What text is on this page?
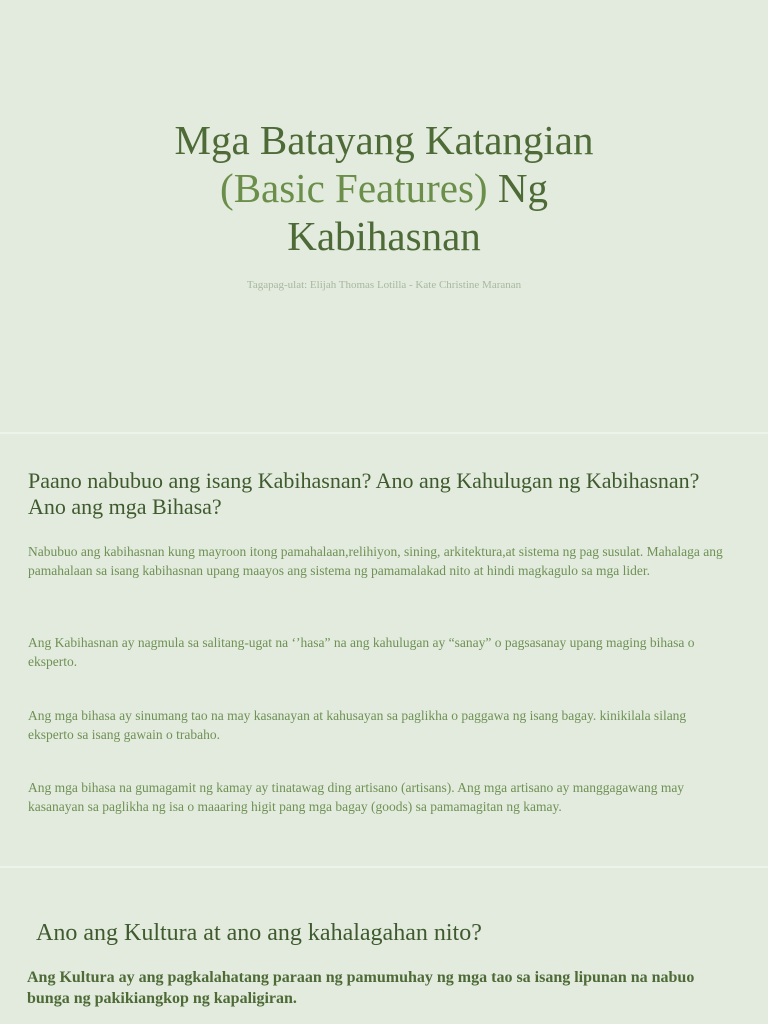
Mga Batayang Katangian
(Basic Features) Ng
Kabihasnan
Tagapag-ulat: Elijah Thomas Lotilla - Kate Christine Maranan
Paano nabubuo ang isang Kabihasnan? Ano ang Kahulugan ng Kabihasnan? Ano ang mga Bihasa?

Nabubuo ang kabihasnan kung mayroon itong pamahalaan,relihiyon, sining, arkitektura,at sistema ng pag susulat. Mahalaga ang pamahalaan sa isang kabihasnan upang maayos ang sistema ng pamamalakad nito at hindi magkagulo sa mga lider.

Ang Kabihasnan ay nagmula sa salitang-ugat na ‘’hasa” na ang kahulugan ay “sanay” o pagsasanay upang maging bihasa o eksperto.

Ang mga bihasa ay sinumang tao na may kasanayan at kahusayan sa paglikha o paggawa ng isang bagay. kinikilala silang eksperto sa isang gawain o trabaho.

Ang mga bihasa na gumagamit ng kamay ay tinatawag ding artisano (artisans). Ang mga artisano ay manggagawang may kasanayan sa paglikha ng isa o maaaring higit pang mga bagay (goods) sa pamamagitan ng kamay.

Ano ang Kultura at ano ang kahalagahan nito?

Ang Kultura ay ang pagkalahatang paraan ng pamumuhay ng mga tao sa isang lipunan na nabuo bunga ng pakikiangkop ng kapaligiran.
